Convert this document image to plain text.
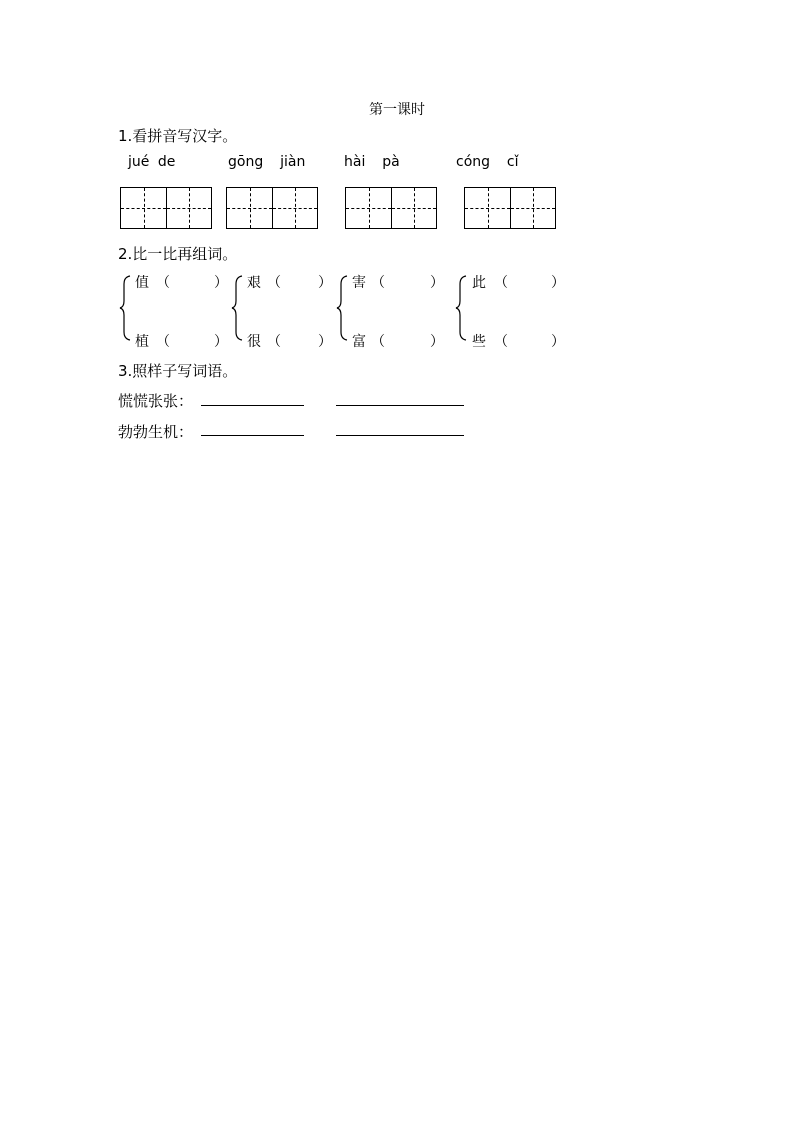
第一课时
1.看拼音写汉字。
jué de	gōng  jiàn	hài  pà	cóng  cǐ
2.比一比再组词。
值 （	）
植 （	）
艰 （	）
很 （	）
害 （	）
富 （	）
此 （	）
些 （	）
3.照样子写词语。
慌慌张张：
勃勃生机：
